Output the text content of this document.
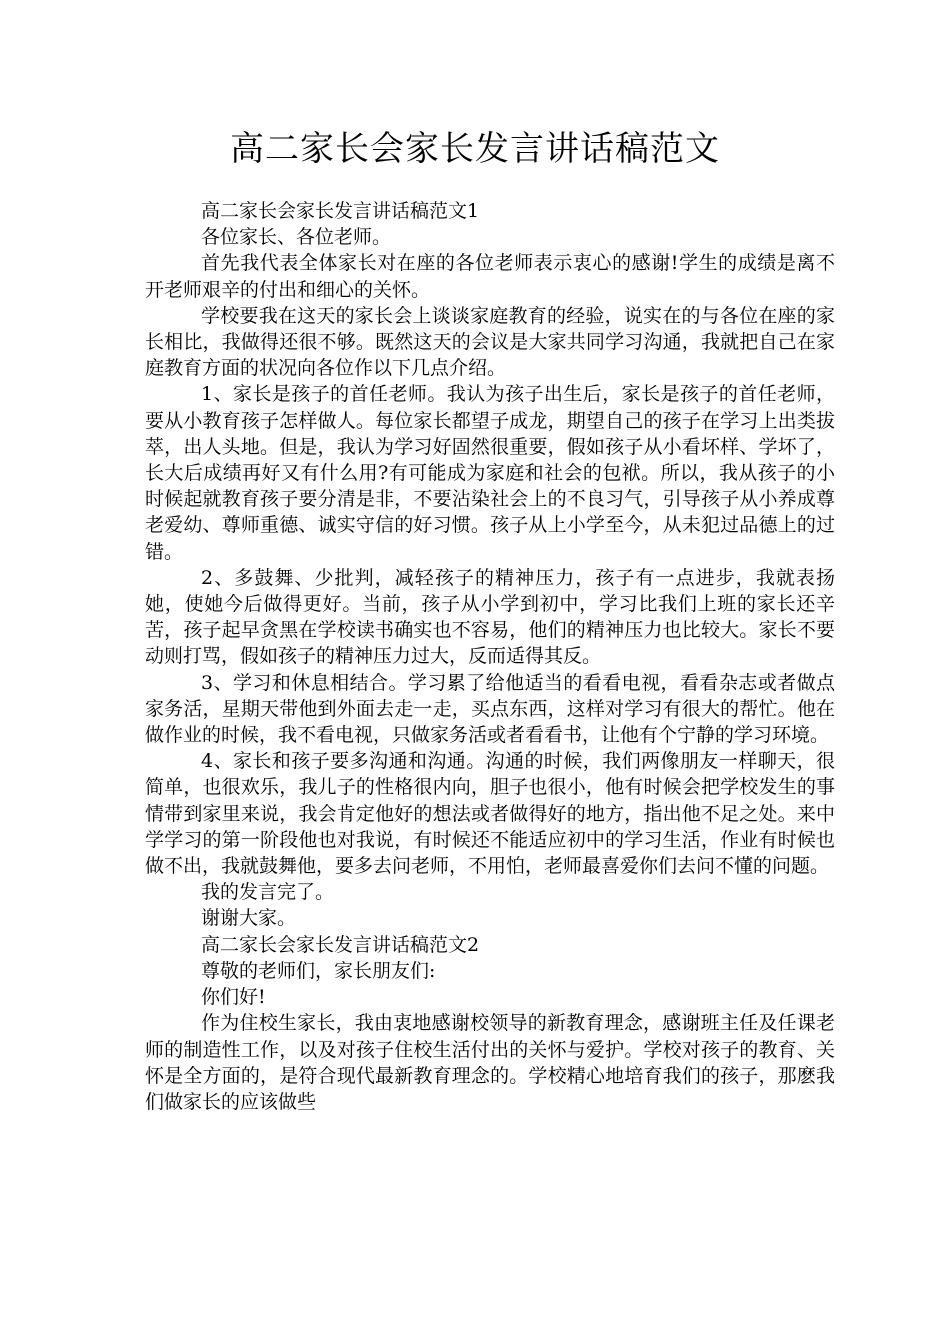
高二家长会家长发言讲话稿范文

高二家长会家长发言讲话稿范文1

各位家长、各位老师。

首先我代表全体家长对在座的各位老师表示衷心的感谢!学生的成绩是离不开老师艰辛的付出和细心的关怀。

学校要我在这天的家长会上谈谈家庭教育的经验，说实在的与各位在座的家长相比，我做得还很不够。既然这天的会议是大家共同学习沟通，我就把自己在家庭教育方面的状况向各位作以下几点介绍。

1、家长是孩子的首任老师。我认为孩子出生后，家长是孩子的首任老师，要从小教育孩子怎样做人。每位家长都望子成龙，期望自己的孩子在学习上出类拔萃，出人头地。但是，我认为学习好固然很重要，假如孩子从小看坏样、学坏了，长大后成绩再好又有什么用?有可能成为家庭和社会的包袱。所以，我从孩子的小时候起就教育孩子要分清是非，不要沾染社会上的不良习气，引导孩子从小养成尊老爱幼、尊师重德、诚实守信的好习惯。孩子从上小学至今，从未犯过品德上的过错。

2、多鼓舞、少批判，减轻孩子的精神压力，孩子有一点进步，我就表扬她，使她今后做得更好。当前，孩子从小学到初中，学习比我们上班的家长还辛苦，孩子起早贪黑在学校读书确实也不容易，他们的精神压力也比较大。家长不要动则打骂，假如孩子的精神压力过大，反而适得其反。

3、学习和休息相结合。学习累了给他适当的看看电视，看看杂志或者做点家务活，星期天带他到外面去走一走，买点东西，这样对学习有很大的帮忙。他在做作业的时候，我不看电视，只做家务活或者看看书，让他有个宁静的学习环境。

4、家长和孩子要多沟通和沟通。沟通的时候，我们两像朋友一样聊天，很简单，也很欢乐，我儿子的性格很内向，胆子也很小，他有时候会把学校发生的事情带到家里来说，我会肯定他好的想法或者做得好的地方，指出他不足之处。来中学学习的第一阶段他也对我说，有时候还不能适应初中的学习生活，作业有时候也做不出，我就鼓舞他，要多去问老师，不用怕，老师最喜爱你们去问不懂的问题。

我的发言完了。

谢谢大家。

高二家长会家长发言讲话稿范文2

尊敬的老师们，家长朋友们:

你们好!

作为住校生家长，我由衷地感谢校领导的新教育理念，感谢班主任及任课老师的制造性工作，以及对孩子住校生活付出的关怀与爱护。学校对孩子的教育、关怀是全方面的，是符合现代最新教育理念的。学校精心地培育我们的孩子，那麽我们做家长的应该做些
